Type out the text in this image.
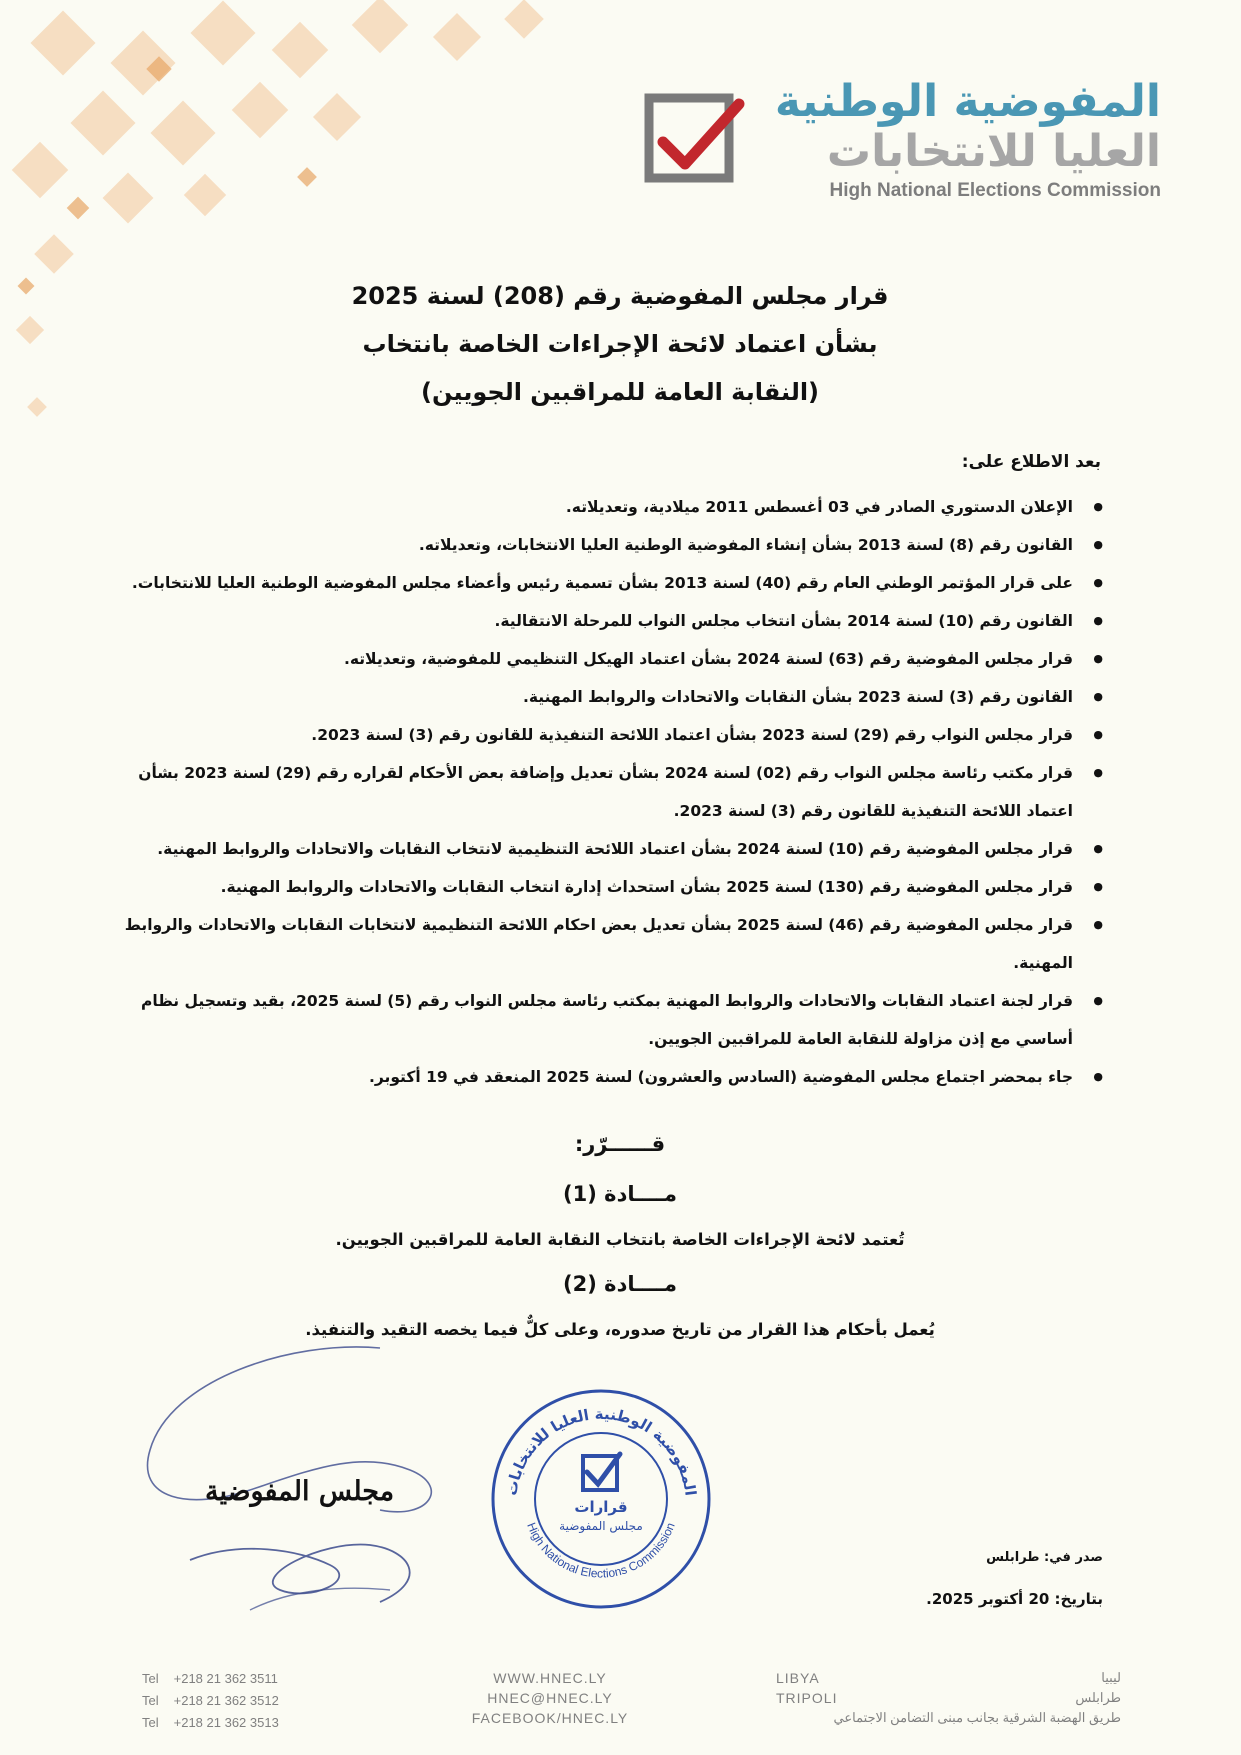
المفوضية الوطنية
العليا للانتخابات
High National Elections Commission
قرار مجلس المفوضية رقم (208) لسنة 2025
بشأن اعتماد لائحة الإجراءات الخاصة بانتخاب
(النقابة العامة للمراقبين الجويين)
بعد الاطلاع على:
● الإعلان الدستوري الصادر في 03 أغسطس 2011 ميلادية، وتعديلاته.
● القانون رقم (8) لسنة 2013 بشأن إنشاء المفوضية الوطنية العليا الانتخابات، وتعديلاته.
● على قرار المؤتمر الوطني العام رقم (40) لسنة 2013 بشأن تسمية رئيس وأعضاء مجلس المفوضية الوطنية العليا للانتخابات.
● القانون رقم (10) لسنة 2014 بشأن انتخاب مجلس النواب للمرحلة الانتقالية.
● قرار مجلس المفوضية رقم (63) لسنة 2024 بشأن اعتماد الهيكل التنظيمي للمفوضية، وتعديلاته.
● القانون رقم (3) لسنة 2023 بشأن النقابات والاتحادات والروابط المهنية.
● قرار مجلس النواب رقم (29) لسنة 2023 بشأن اعتماد اللائحة التنفيذية للقانون رقم (3) لسنة 2023.
● قرار مكتب رئاسة مجلس النواب رقم (02) لسنة 2024 بشأن تعديل وإضافة بعض الأحكام لقراره رقم (29) لسنة 2023 بشأن اعتماد اللائحة التنفيذية للقانون رقم (3) لسنة 2023.
● قرار مجلس المفوضية رقم (10) لسنة 2024 بشأن اعتماد اللائحة التنظيمية لانتخاب النقابات والاتحادات والروابط المهنية.
● قرار مجلس المفوضية رقم (130) لسنة 2025 بشأن استحداث إدارة انتخاب النقابات والاتحادات والروابط المهنية.
● قرار مجلس المفوضية رقم (46) لسنة 2025 بشأن تعديل بعض احكام اللائحة التنظيمية لانتخابات النقابات والاتحادات والروابط المهنية.
● قرار لجنة اعتماد النقابات والاتحادات والروابط المهنية بمكتب رئاسة مجلس النواب رقم (5) لسنة 2025، بقيد وتسجيل نظام أساسي مع إذن مزاولة للنقابة العامة للمراقبين الجويين.
● جاء بمحضر اجتماع مجلس المفوضية (السادس والعشرون) لسنة 2025 المنعقد في 19 أكتوبر.
قــــــرّر:
مــــادة (1)
تُعتمد لائحة الإجراءات الخاصة بانتخاب النقابة العامة للمراقبين الجويين.
مــــادة (2)
يُعمل بأحكام هذا القرار من تاريخ صدوره، وعلى كلٌّ فيما يخصه التقيد والتنفيذ.
مجلس المفوضية	المفوضية الوطنية العليا للانتخابات
High National Elections Commission
قرارات
مجلس المفوضية
صدر في: طرابلس
بتاريخ: 20 أكتوبر 2025.
Tel +218 21 362 3511
Tel +218 21 362 3512
Tel +218 21 362 3513
WWW.HNEC.LY
HNEC@HNEC.LY
FACEBOOK/HNEC.LY
LIBYA
TRIPOLI
ليبيا
طرابلس
طريق الهضبة الشرقية بجانب مبنى التضامن الاجتماعي
